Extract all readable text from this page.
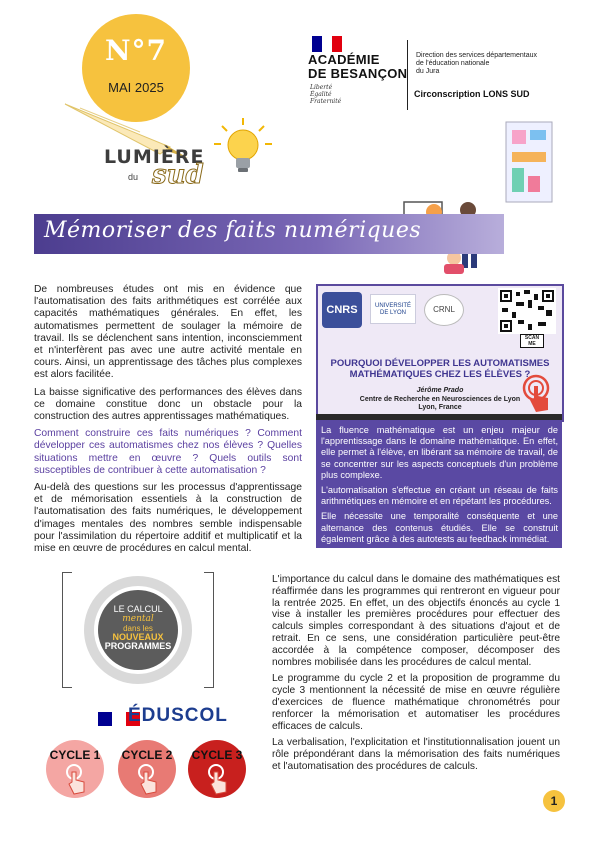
N°7
MAI 2025
LUMIÈRE
du sud

ACADÉMIE
DE BESANÇON
Liberté
Égalité
Fraternité
Direction des services départementaux
de l'éducation nationale
du Jura
Circonscription LONS SUD
Mémoriser des faits numériques

De nombreuses études ont mis en évidence que l'automatisation des faits arithmétiques est corrélée aux capacités mathématiques générales. En effet, les automatismes permettent de soulager la mémoire de travail. Ils se déclenchent sans intention, inconsciemment et n'interfèrent pas avec une autre activité mentale en cours. Ainsi, un apprentissage des tâches plus complexes est alors facilitée.

La baisse significative des performances des élèves dans ce domaine constitue donc un obstacle pour la construction des autres apprentissages mathématiques.

Comment construire ces faits numériques ? Comment développer ces automatismes chez nos élèves ? Quelles situations mettre en œuvre ? Quels outils sont susceptibles de contribuer à cette automatisation ?

Au-delà des questions sur les processus d'apprentissage et de mémorisation essentiels à la construction de l'automatisation des faits numériques, le développement d'images mentales des nombres semble indispensable pour l'assimilation du répertoire additif et multiplicatif et la mise en œuvre de procédures en calcul mental.

CNRS	UNIVERSITÉ DE LYON	CRNL
SCAN ME
POURQUOI DÉVELOPPER LES AUTOMATISMES MATHÉMATIQUES CHEZ LES ÉLÈVES ?
Jérôme Prado
Centre de Recherche en Neurosciences de Lyon
Lyon, France

La fluence mathématique est un enjeu majeur de l'apprentissage dans le domaine mathématique. En effet, elle permet à l'élève, en libérant sa mémoire de travail, de se concentrer sur les aspects conceptuels d'un problème plus complexe.

L'automatisation s'effectue en créant un réseau de faits arithmétiques en mémoire et en répétant les procédures.

Elle nécessite une temporalité conséquente et une alternance des contenus étudiés. Elle se construit également grâce à des autotests au feedback immédiat.

LE CALCUL mental
dans les
NOUVEAUX
PROGRAMMES
ÉDUSCOL
CYCLE 1	CYCLE 2	CYCLE 3

L'importance du calcul dans le domaine des mathématiques est réaffirmée dans les programmes qui rentreront en vigueur pour la rentrée 2025. En effet, un des objectifs énoncés au cycle 1 vise à installer les premières procédures pour effectuer des calculs simples correspondant à des situations d'ajout et de retrait. En ce sens, une considération particulière peut-être accordée à la compétence composer, décomposer des nombres mobilisée dans les procédures de calcul mental.

Le programme du cycle 2 et la proposition de programme du cycle 3 mentionnent la nécessité de mise en œuvre régulière d'exercices de fluence mathématique chronométrés pour renforcer la mémorisation et automatiser les procédures efficaces de calculs.

La verbalisation, l'explicitation et l'institutionnalisation jouent un rôle prépondérant dans la mémorisation des faits numériques et l'automatisation des procédures de calculs.

1
